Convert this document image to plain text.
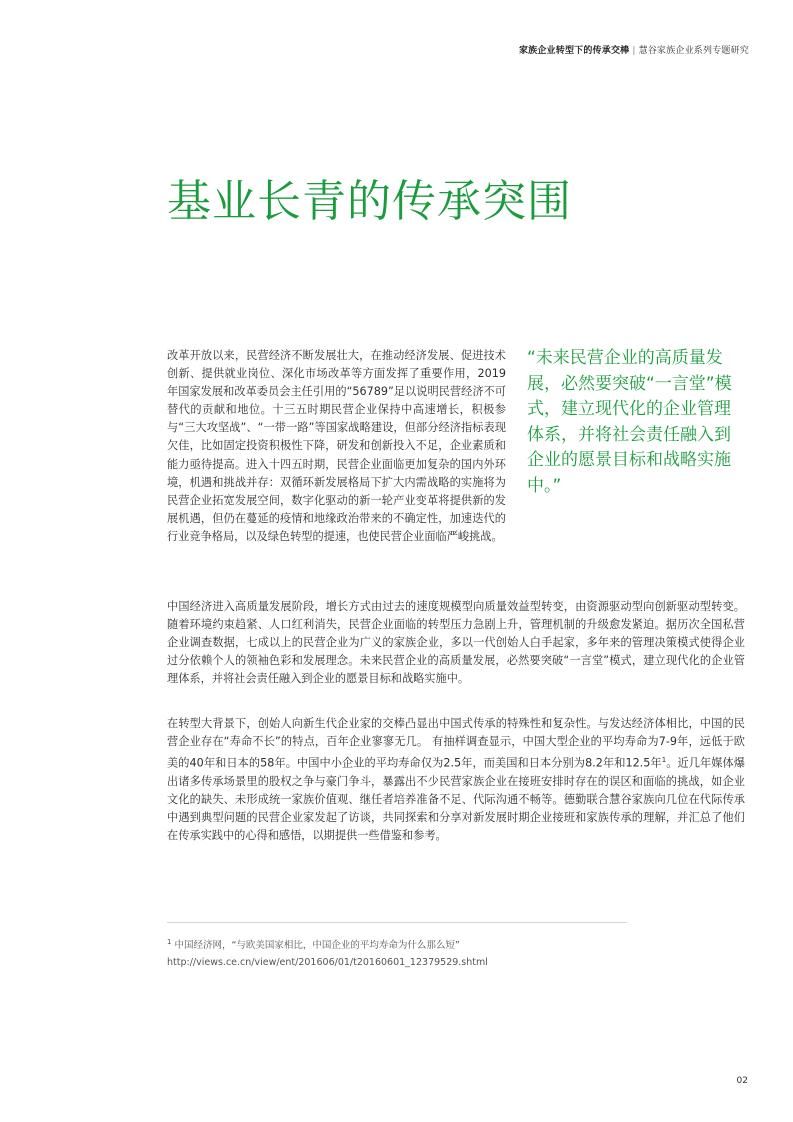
家族企业转型下的传承交棒 | 慧谷家族企业系列专题研究
基业长青的传承突围

改革开放以来，民营经济不断发展壮大，在推动经济发展、促进技术创新、提供就业岗位、深化市场改革等方面发挥了重要作用，2019年国家发展和改革委员会主任引用的“56789”足以说明民营经济不可替代的贡献和地位。十三五时期民营企业保持中高速增长，积极参与“三大攻坚战”、“一带一路”等国家战略建设，但部分经济指标表现欠佳，比如固定投资积极性下降，研发和创新投入不足，企业素质和能力亟待提高。进入十四五时期，民营企业面临更加复杂的国内外环境，机遇和挑战并存：双循环新发展格局下扩大内需战略的实施将为民营企业拓宽发展空间，数字化驱动的新一轮产业变革将提供新的发展机遇，但仍在蔓延的疫情和地缘政治带来的不确定性，加速迭代的行业竞争格局，以及绿色转型的提速，也使民营企业面临严峻挑战。

“未来民营企业的高质量发展，必然要突破“一言堂”模式，建立现代化的企业管理体系，并将社会责任融入到企业的愿景目标和战略实施中。”

中国经济进入高质量发展阶段，增长方式由过去的速度规模型向质量效益型转变，由资源驱动型向创新驱动型转变。随着环境约束趋紧、人口红利消失，民营企业面临的转型压力急剧上升，管理机制的升级愈发紧迫。据历次全国私营企业调查数据，七成以上的民营企业为广义的家族企业，多以一代创始人白手起家，多年来的管理决策模式使得企业过分依赖个人的领袖色彩和发展理念。未来民营企业的高质量发展，必然要突破“一言堂”模式，建立现代化的企业管理体系，并将社会责任融入到企业的愿景目标和战略实施中。

在转型大背景下，创始人向新生代企业家的交棒凸显出中国式传承的特殊性和复杂性。与发达经济体相比，中国的民营企业存在“寿命不长”的特点，百年企业寥寥无几。 有抽样调查显示，中国大型企业的平均寿命为7-9年，远低于欧美的40年和日本的58年。中国中小企业的平均寿命仅为2.5年，而美国和日本分别为8.2年和12.5年$^1$。近几年媒体爆出诸多传承场景里的股权之争与豪门争斗，暴露出不少民营家族企业在接班安排时存在的误区和面临的挑战，如企业文化的缺失、未形成统一家族价值观、继任者培养准备不足、代际沟通不畅等。德勤联合慧谷家族向几位在代际传承中遇到典型问题的民营企业家发起了访谈，共同探索和分享对新发展时期企业接班和家族传承的理解，并汇总了他们在传承实践中的心得和感悟，以期提供一些借鉴和参考。

$^1$ 中国经济网，“与欧美国家相比，中国企业的平均寿命为什么那么短” http://views.ce.cn/view/ent/201606/01/t20160601_12379529.shtml

02
